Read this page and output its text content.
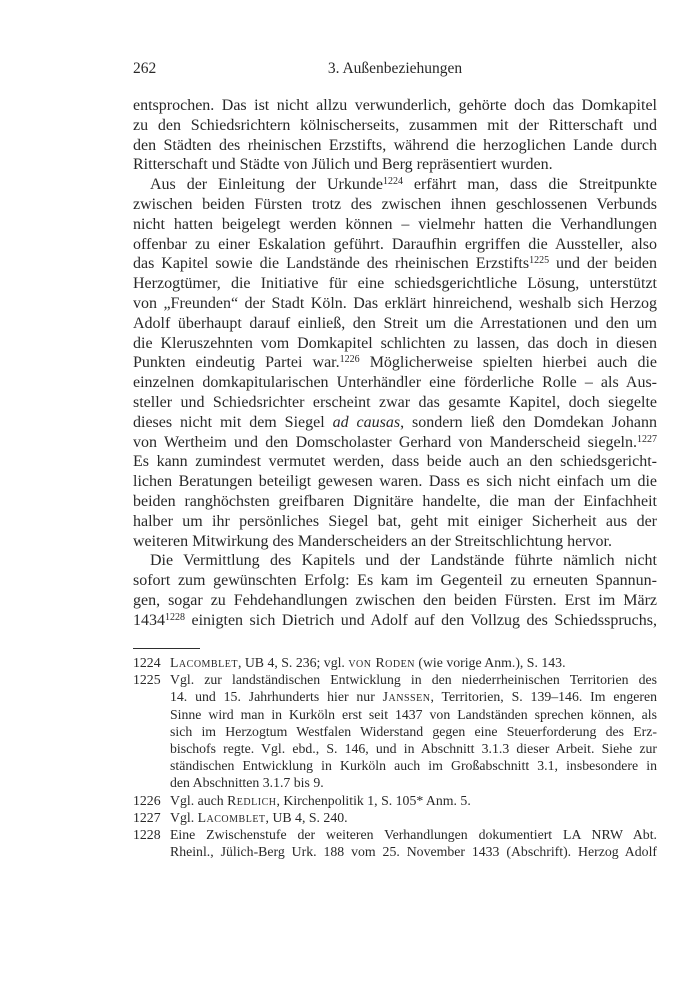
262	3. Außenbeziehungen
entsprochen. Das ist nicht allzu verwunderlich, gehörte doch das Domkapitel
zu den Schiedsrichtern kölnischerseits, zusammen mit der Ritterschaft und
den Städten des rheinischen Erzstifts, während die herzoglichen Lande durch
Ritterschaft und Städte von Jülich und Berg repräsentiert wurden.
Aus der Einleitung der Urkunde$^{1224}$ erfährt man, dass die Streitpunkte
zwischen beiden Fürsten trotz des zwischen ihnen geschlossenen Verbunds
nicht hatten beigelegt werden können – vielmehr hatten die Verhandlungen
offenbar zu einer Eskalation geführt. Daraufhin ergriffen die Aussteller, also
das Kapitel sowie die Landstände des rheinischen Erzstifts$^{1225}$ und der beiden
Herzogtümer, die Initiative für eine schiedsgerichtliche Lösung, unterstützt
von „Freunden“ der Stadt Köln. Das erklärt hinreichend, weshalb sich Herzog
Adolf überhaupt darauf einließ, den Streit um die Arrestationen und den um
die Kleruszehnten vom Domkapitel schlichten zu lassen, das doch in diesen
Punkten eindeutig Partei war.$^{1226}$ Möglicherweise spielten hierbei auch die
einzelnen domkapitularischen Unterhändler eine förderliche Rolle – als Aus-
steller und Schiedsrichter erscheint zwar das gesamte Kapitel, doch siegelte
dieses nicht mit dem Siegel ad causas, sondern ließ den Domdekan Johann
von Wertheim und den Domscholaster Gerhard von Manderscheid siegeln.$^{1227}$
Es kann zumindest vermutet werden, dass beide auch an den schiedsgericht-
lichen Beratungen beteiligt gewesen waren. Dass es sich nicht einfach um die
beiden ranghöchsten greifbaren Dignitäre handelte, die man der Einfachheit
halber um ihr persönliches Siegel bat, geht mit einiger Sicherheit aus der
weiteren Mitwirkung des Manderscheiders an der Streitschlichtung hervor.
Die Vermittlung des Kapitels und der Landstände führte nämlich nicht
sofort zum gewünschten Erfolg: Es kam im Gegenteil zu erneuten Spannun-
gen, sogar zu Fehdehandlungen zwischen den beiden Fürsten. Erst im März
$1434^{1228}$ einigten sich Dietrich und Adolf auf den Vollzug des Schiedsspruchs,
1224 Lacomblet, UB 4, S. 236; vgl. von Roden (wie vorige Anm.), S. 143.
1225 Vgl. zur landständischen Entwicklung in den niederrheinischen Territorien des
14. und 15. Jahrhunderts hier nur Janssen, Territorien, S. 139–146. Im engeren
Sinne wird man in Kurköln erst seit 1437 von Landständen sprechen können, als
sich im Herzogtum Westfalen Widerstand gegen eine Steuerforderung des Erz-
bischofs regte. Vgl. ebd., S. 146, und in Abschnitt 3.1.3 dieser Arbeit. Siehe zur
ständischen Entwicklung in Kurköln auch im Großabschnitt 3.1, insbesondere in
den Abschnitten 3.1.7 bis 9.
1226 Vgl. auch Redlich, Kirchenpolitik 1, S. 105* Anm. 5.
1227 Vgl. Lacomblet, UB 4, S. 240.
1228 Eine Zwischenstufe der weiteren Verhandlungen dokumentiert LA NRW Abt.
Rheinl., Jülich-Berg Urk. 188 vom 25. November 1433 (Abschrift). Herzog Adolf
